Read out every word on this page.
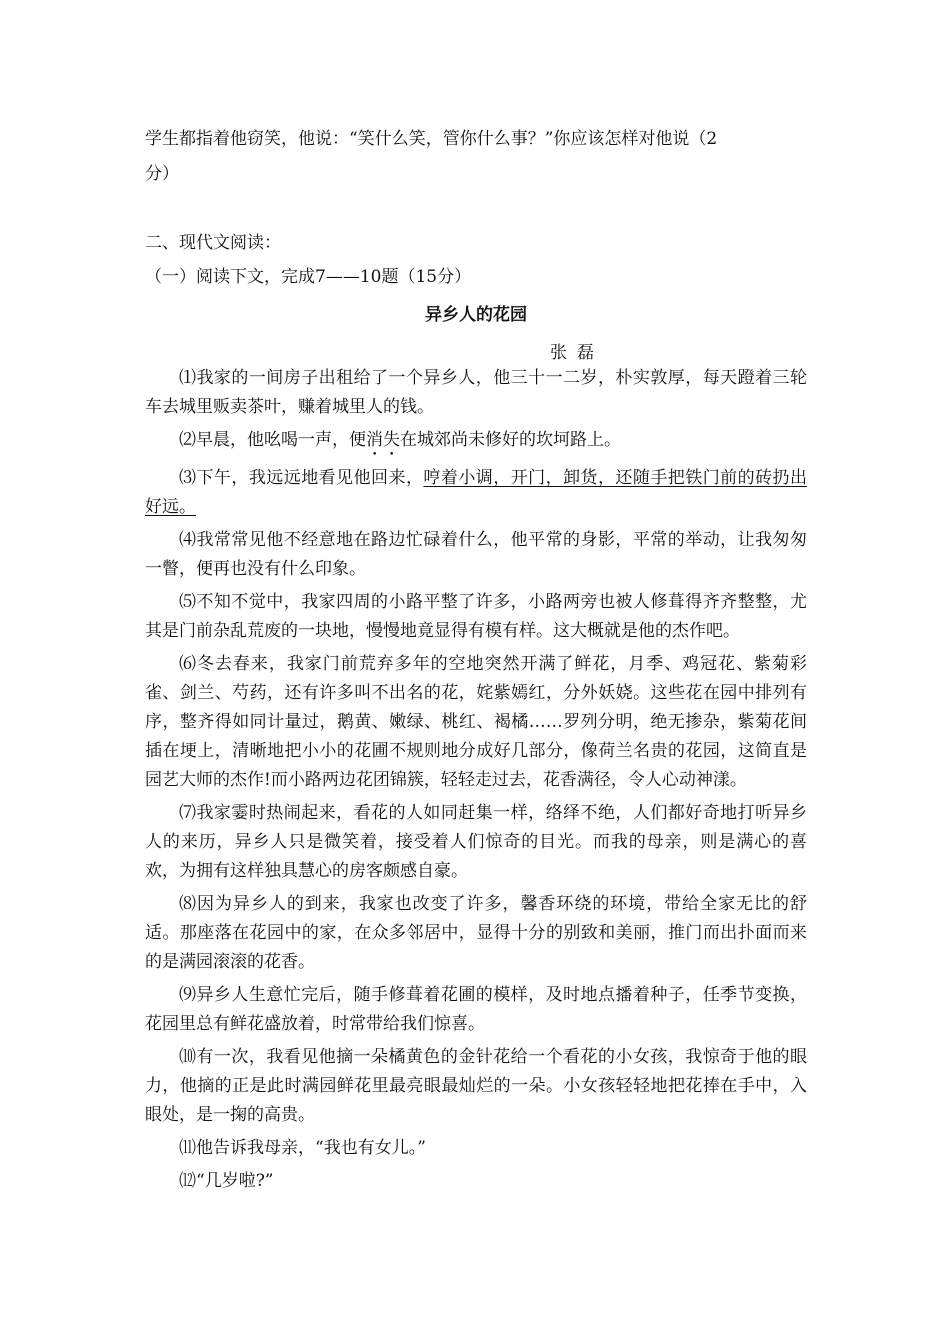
学生都指着他窃笑，他说：“笑什么笑，管你什么事？”你应该怎样对他说（2

分）

二、现代文阅读：
（一）阅读下文，完成7——10题（15分）
异乡人的花园
张磊

⑴我家的一间房子出租给了一个异乡人，他三十一二岁，朴实敦厚，每天蹬着三轮车去城里贩卖茶叶，赚着城里人的钱。

⑵早晨，他吆喝一声，便消失在城郊尚未修好的坎坷路上。

⑶下午，我远远地看见他回来，哼着小调，开门，卸货，还随手把铁门前的砖扔出好远。

⑷我常常见他不经意地在路边忙碌着什么，他平常的身影，平常的举动，让我匆匆一瞥，便再也没有什么印象。

⑸不知不觉中，我家四周的小路平整了许多，小路两旁也被人修葺得齐齐整整，尤其是门前杂乱荒废的一块地，慢慢地竟显得有模有样。这大概就是他的杰作吧。

⑹冬去春来，我家门前荒弃多年的空地突然开满了鲜花，月季、鸡冠花、紫菊彩雀、剑兰、芍药，还有许多叫不出名的花，姹紫嫣红，分外妖娆。这些花在园中排列有序，整齐得如同计量过，鹅黄、嫩绿、桃红、褐橘……罗列分明，绝无掺杂，紫菊花间插在埂上，清晰地把小小的花圃不规则地分成好几部分，像荷兰名贵的花园，这简直是园艺大师的杰作!而小路两边花团锦簇，轻轻走过去，花香满径，令人心动神漾。

⑺我家霎时热闹起来，看花的人如同赶集一样，络绎不绝，人们都好奇地打听异乡人的来历，异乡人只是微笑着，接受着人们惊奇的目光。而我的母亲，则是满心的喜欢，为拥有这样独具慧心的房客颇感自豪。

⑻因为异乡人的到来，我家也改变了许多，馨香环绕的环境，带给全家无比的舒适。那座落在花园中的家，在众多邻居中，显得十分的别致和美丽，推门而出扑面而来的是满园滚滚的花香。

⑼异乡人生意忙完后，随手修葺着花圃的模样，及时地点播着种子，任季节变换，花园里总有鲜花盛放着，时常带给我们惊喜。

⑽有一次，我看见他摘一朵橘黄色的金针花给一个看花的小女孩，我惊奇于他的眼力，他摘的正是此时满园鲜花里最亮眼最灿烂的一朵。小女孩轻轻地把花捧在手中，入眼处，是一掬的高贵。

⑾他告诉我母亲，“我也有女儿。”

⑿“几岁啦?”
